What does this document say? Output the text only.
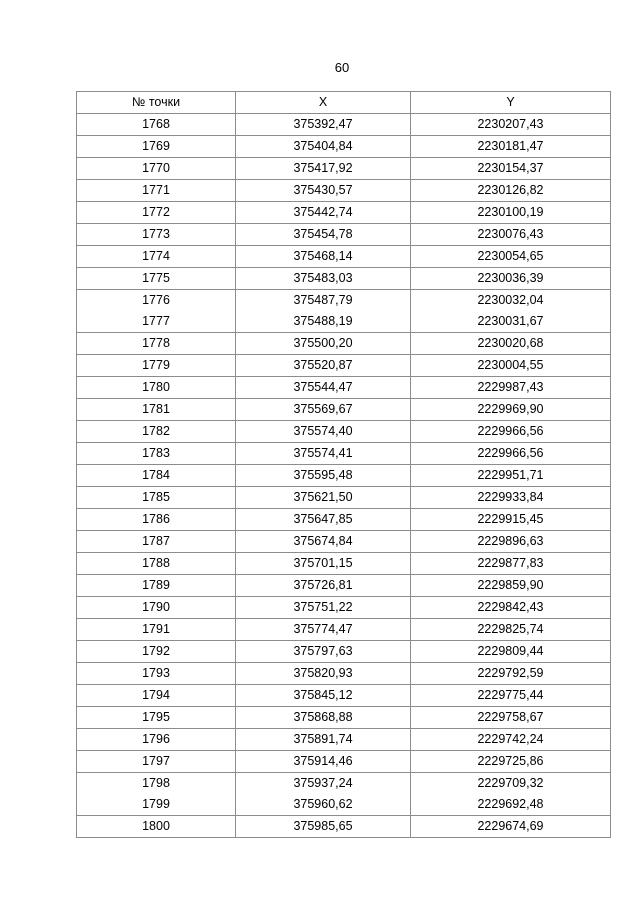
60
№ точки	X	Y
1768	375392,47	2230207,43
1769	375404,84	2230181,47
1770	375417,92	2230154,37
1771	375430,57	2230126,82
1772	375442,74	2230100,19
1773	375454,78	2230076,43
1774	375468,14	2230054,65
1775	375483,03	2230036,39
1776	375487,79	2230032,04
1777	375488,19	2230031,67
1778	375500,20	2230020,68
1779	375520,87	2230004,55
1780	375544,47	2229987,43
1781	375569,67	2229969,90
1782	375574,40	2229966,56
1783	375574,41	2229966,56
1784	375595,48	2229951,71
1785	375621,50	2229933,84
1786	375647,85	2229915,45
1787	375674,84	2229896,63
1788	375701,15	2229877,83
1789	375726,81	2229859,90
1790	375751,22	2229842,43
1791	375774,47	2229825,74
1792	375797,63	2229809,44
1793	375820,93	2229792,59
1794	375845,12	2229775,44
1795	375868,88	2229758,67
1796	375891,74	2229742,24
1797	375914,46	2229725,86
1798	375937,24	2229709,32
1799	375960,62	2229692,48
1800	375985,65	2229674,69
